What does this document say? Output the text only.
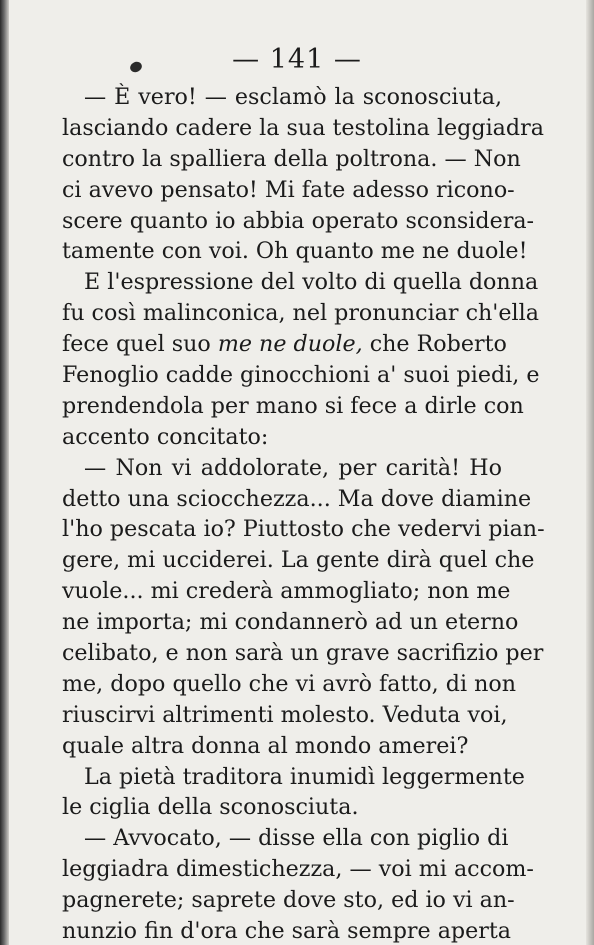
— 141 —
— È vero! — esclamò la sconosciuta,
lasciando cadere la sua testolina leggiadra
contro la spalliera della poltrona. — Non
ci avevo pensato! Mi fate adesso ricono-
scere quanto io abbia operato sconsidera-
tamente con voi. Oh quanto me ne duole!
E l'espressione del volto di quella donna
fu così malinconica, nel pronunciar ch'ella
fece quel suo me ne duole, che Roberto
Fenoglio cadde ginocchioni a' suoi piedi, e
prendendola per mano si fece a dirle con
accento concitato:
— Non vi addolorate, per carità! Ho
detto una sciocchezza... Ma dove diamine
l'ho pescata io? Piuttosto che vedervi pian-
gere, mi ucciderei. La gente dirà quel che
vuole... mi crederà ammogliato; non me
ne importa; mi condannerò ad un eterno
celibato, e non sarà un grave sacrifizio per
me, dopo quello che vi avrò fatto, di non
riuscirvi altrimenti molesto. Veduta voi,
quale altra donna al mondo amerei?
La pietà traditora inumidì leggermente
le ciglia della sconosciuta.
— Avvocato, — disse ella con piglio di
leggiadra dimestichezza, — voi mi accom-
pagnerete; saprete dove sto, ed io vi an-
nunzio fin d'ora che sarà sempre aperta
